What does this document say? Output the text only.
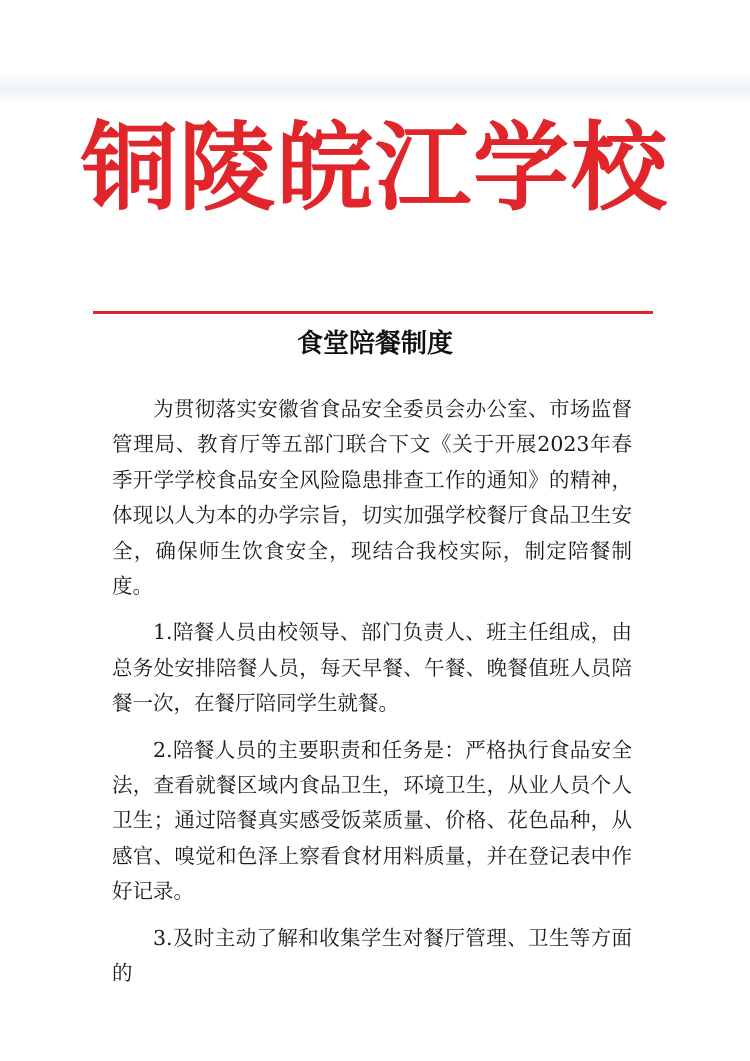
铜陵皖江学校
食堂陪餐制度

为贯彻落实安徽省食品安全委员会办公室、市场监督管理局、教育厅等五部门联合下文《关于开展2023年春季开学学校食品安全风险隐患排查工作的通知》的精神，体现以人为本的办学宗旨，切实加强学校餐厅食品卫生安全，确保师生饮食安全，现结合我校实际，制定陪餐制度。

1.陪餐人员由校领导、部门负责人、班主任组成，由总务处安排陪餐人员，每天早餐、午餐、晚餐值班人员陪餐一次，在餐厅陪同学生就餐。

2.陪餐人员的主要职责和任务是：严格执行食品安全法，查看就餐区域内食品卫生，环境卫生，从业人员个人卫生；通过陪餐真实感受饭菜质量、价格、花色品种，从感官、嗅觉和色泽上察看食材用料质量，并在登记表中作好记录。

3.及时主动了解和收集学生对餐厅管理、卫生等方面的
